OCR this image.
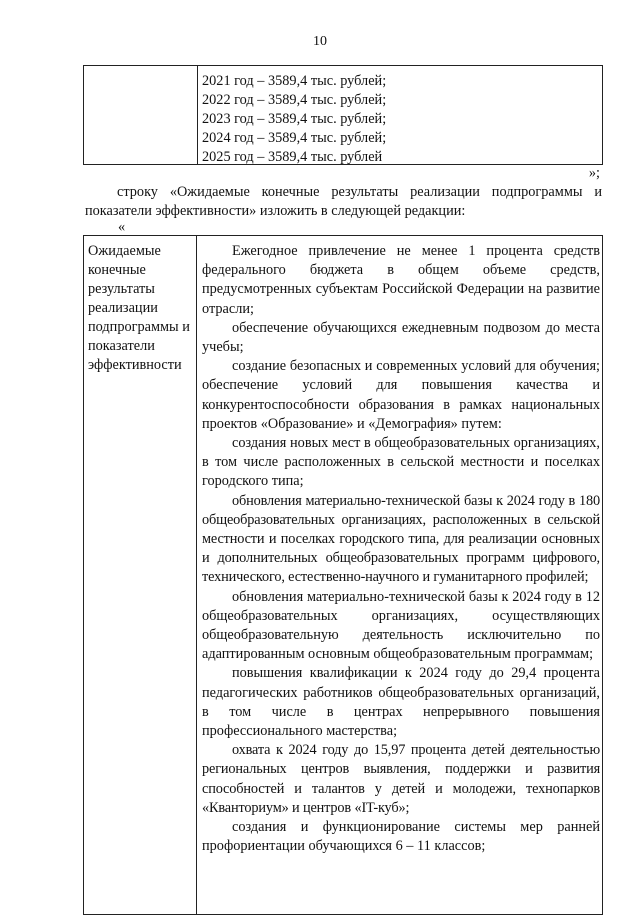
10
2021 год – 3589,4 тыс. рублей;
2022 год – 3589,4 тыс. рублей;
2023 год – 3589,4 тыс. рублей;
2024 год – 3589,4 тыс. рублей;
2025 год – 3589,4 тыс. рублей
»;
строку «Ожидаемые конечные результаты реализации подпрограммы и показатели эффективности» изложить в следующей редакции:
«
Ожидаемые конечные результаты реализации подпрограммы и показатели эффективности

Ежегодное привлечение не менее 1 процента средств федерального бюджета в общем объеме средств, предусмотренных субъектам Российской Федерации на развитие отрасли;

обеспечение обучающихся ежедневным подвозом до места учебы;

создание безопасных и современных условий для обучения; обеспечение условий для повышения качества и конкурентоспособности образования в рамках национальных проектов «Образование» и «Демография» путем:

создания новых мест в общеобразовательных организациях, в том числе расположенных в сельской местности и поселках городского типа;

обновления материально-технической базы к 2024 году в 180 общеобразовательных организациях, расположенных в сельской местности и поселках городского типа, для реализации основных и дополнительных общеобразовательных программ цифрового, технического, естественно-научного и гуманитарного профилей;

обновления материально-технической базы к 2024 году в 12 общеобразовательных организациях, осуществляющих общеобразовательную деятельность исключительно по адаптированным основным общеобразовательным программам;

повышения квалификации к 2024 году до 29,4 процента педагогических работников общеобразовательных организаций, в том числе в центрах непрерывного повышения профессионального мастерства;

охвата к 2024 году до 15,97 процента детей деятельностью региональных центров выявления, поддержки и развития способностей и талантов у детей и молодежи, технопарков «Кванториум» и центров «IT-куб»;

создания и функционирование системы мер ранней профориентации обучающихся 6 – 11 классов;
